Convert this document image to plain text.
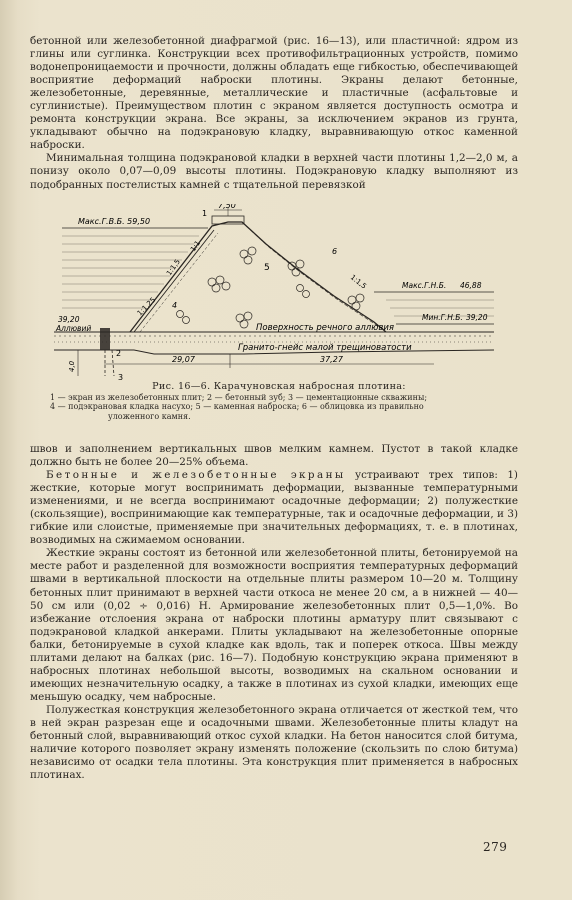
бетонной или железобетонной диафрагмой (рис. 16—13), или пластичной: ядром из глины или суглинка. Конструкции всех противофильтрационных устройств, помимо водонепроницаемости и прочности, должны обладать еще гибкостью, обеспечивающей восприятие деформаций наброски плотины. Экраны делают бетонные, железобетонные, деревянные, металлические и пластичные (асфальтовые и суглинистые). Преимуществом плотин с экраном является доступность осмотра и ремонта конструкции экрана. Все экраны, за исключением экранов из грунта, укладывают обычно на подэкрановую кладку, выравнивающую откос каменной наброски.

Минимальная толщина подэкрановой кладки в верхней части плотины 1,2—2,0 м, а понизу около 0,07—0,09 высоты плотины. Подэкрановую кладку выполняют из подобранных постелистых камней с тщательной перевязкой

Макс.Г.В.Б. 59,50
7,50
1
5
6
4
1:1
1:1,5
1:1,25
1:1,5	Макс.Г.Н.Б. 46,88
Мин.Г.Н.Б. 39,20
39,20
Аллювий	Поверхность речного аллювия
Гранито-гнейс малой трещиноватости
2
3
29,07	37,27
4,0
Рис. 16—6. Карачуновская набросная плотина:
1 — экран из железобетонных плит; 2 — бетонный зуб; 3 — цементационные скважины;
4 — подэкрановая кладка насухо; 5 — каменная наброска; 6 — облицовка из правильно
уложенного камня.

швов и заполнением вертикальных швов мелким камнем. Пустот в такой кладке должно быть не более 20—25% объема.

Бетонные и железобетонные экраны устраивают трех типов: 1) жесткие, которые могут воспринимать деформации, вызванные температурными изменениями, и не всегда воспринимают осадочные деформации; 2) полужесткие (скользящие), воспринимающие как температурные, так и осадочные деформации, и 3) гибкие или слоистые, применяемые при значительных деформациях, т. е. в плотинах, возводимых на сжимаемом основании.

Жесткие экраны состоят из бетонной или железобетонной плиты, бетонируемой на месте работ и разделенной для возможности восприятия температурных деформаций швами в вертикальной плоскости на отдельные плиты размером 10—20 м. Толщину бетонных плит принимают в верхней части откоса не менее 20 см, а в нижней — 40—50 см или (0,02 ÷ 0,016) H. Армирование железобетонных плит 0,5—1,0%. Во избежание отслоения экрана от наброски плотины арматуру плит связывают с подэкрановой кладкой анкерами. Плиты укладывают на железобетонные опорные балки, бетонируемые в сухой кладке как вдоль, так и поперек откоса. Швы между плитами делают на балках (рис. 16—7). Подобную конструкцию экрана применяют в набросных плотинах небольшой высоты, возводимых на скальном основании и имеющих незначительную осадку, а также в плотинах из сухой кладки, имеющих еще меньшую осадку, чем набросные.

Полужесткая конструкция железобетонного экрана отличается от жесткой тем, что в ней экран разрезан еще и осадочными швами. Железобетонные плиты кладут на бетонный слой, выравнивающий откос сухой кладки. На бетон наносится слой битума, наличие которого позволяет экрану изменять положение (скользить по слою битума) независимо от осадки тела плотины. Эта конструкция плит применяется в набросных плотинах.

279
